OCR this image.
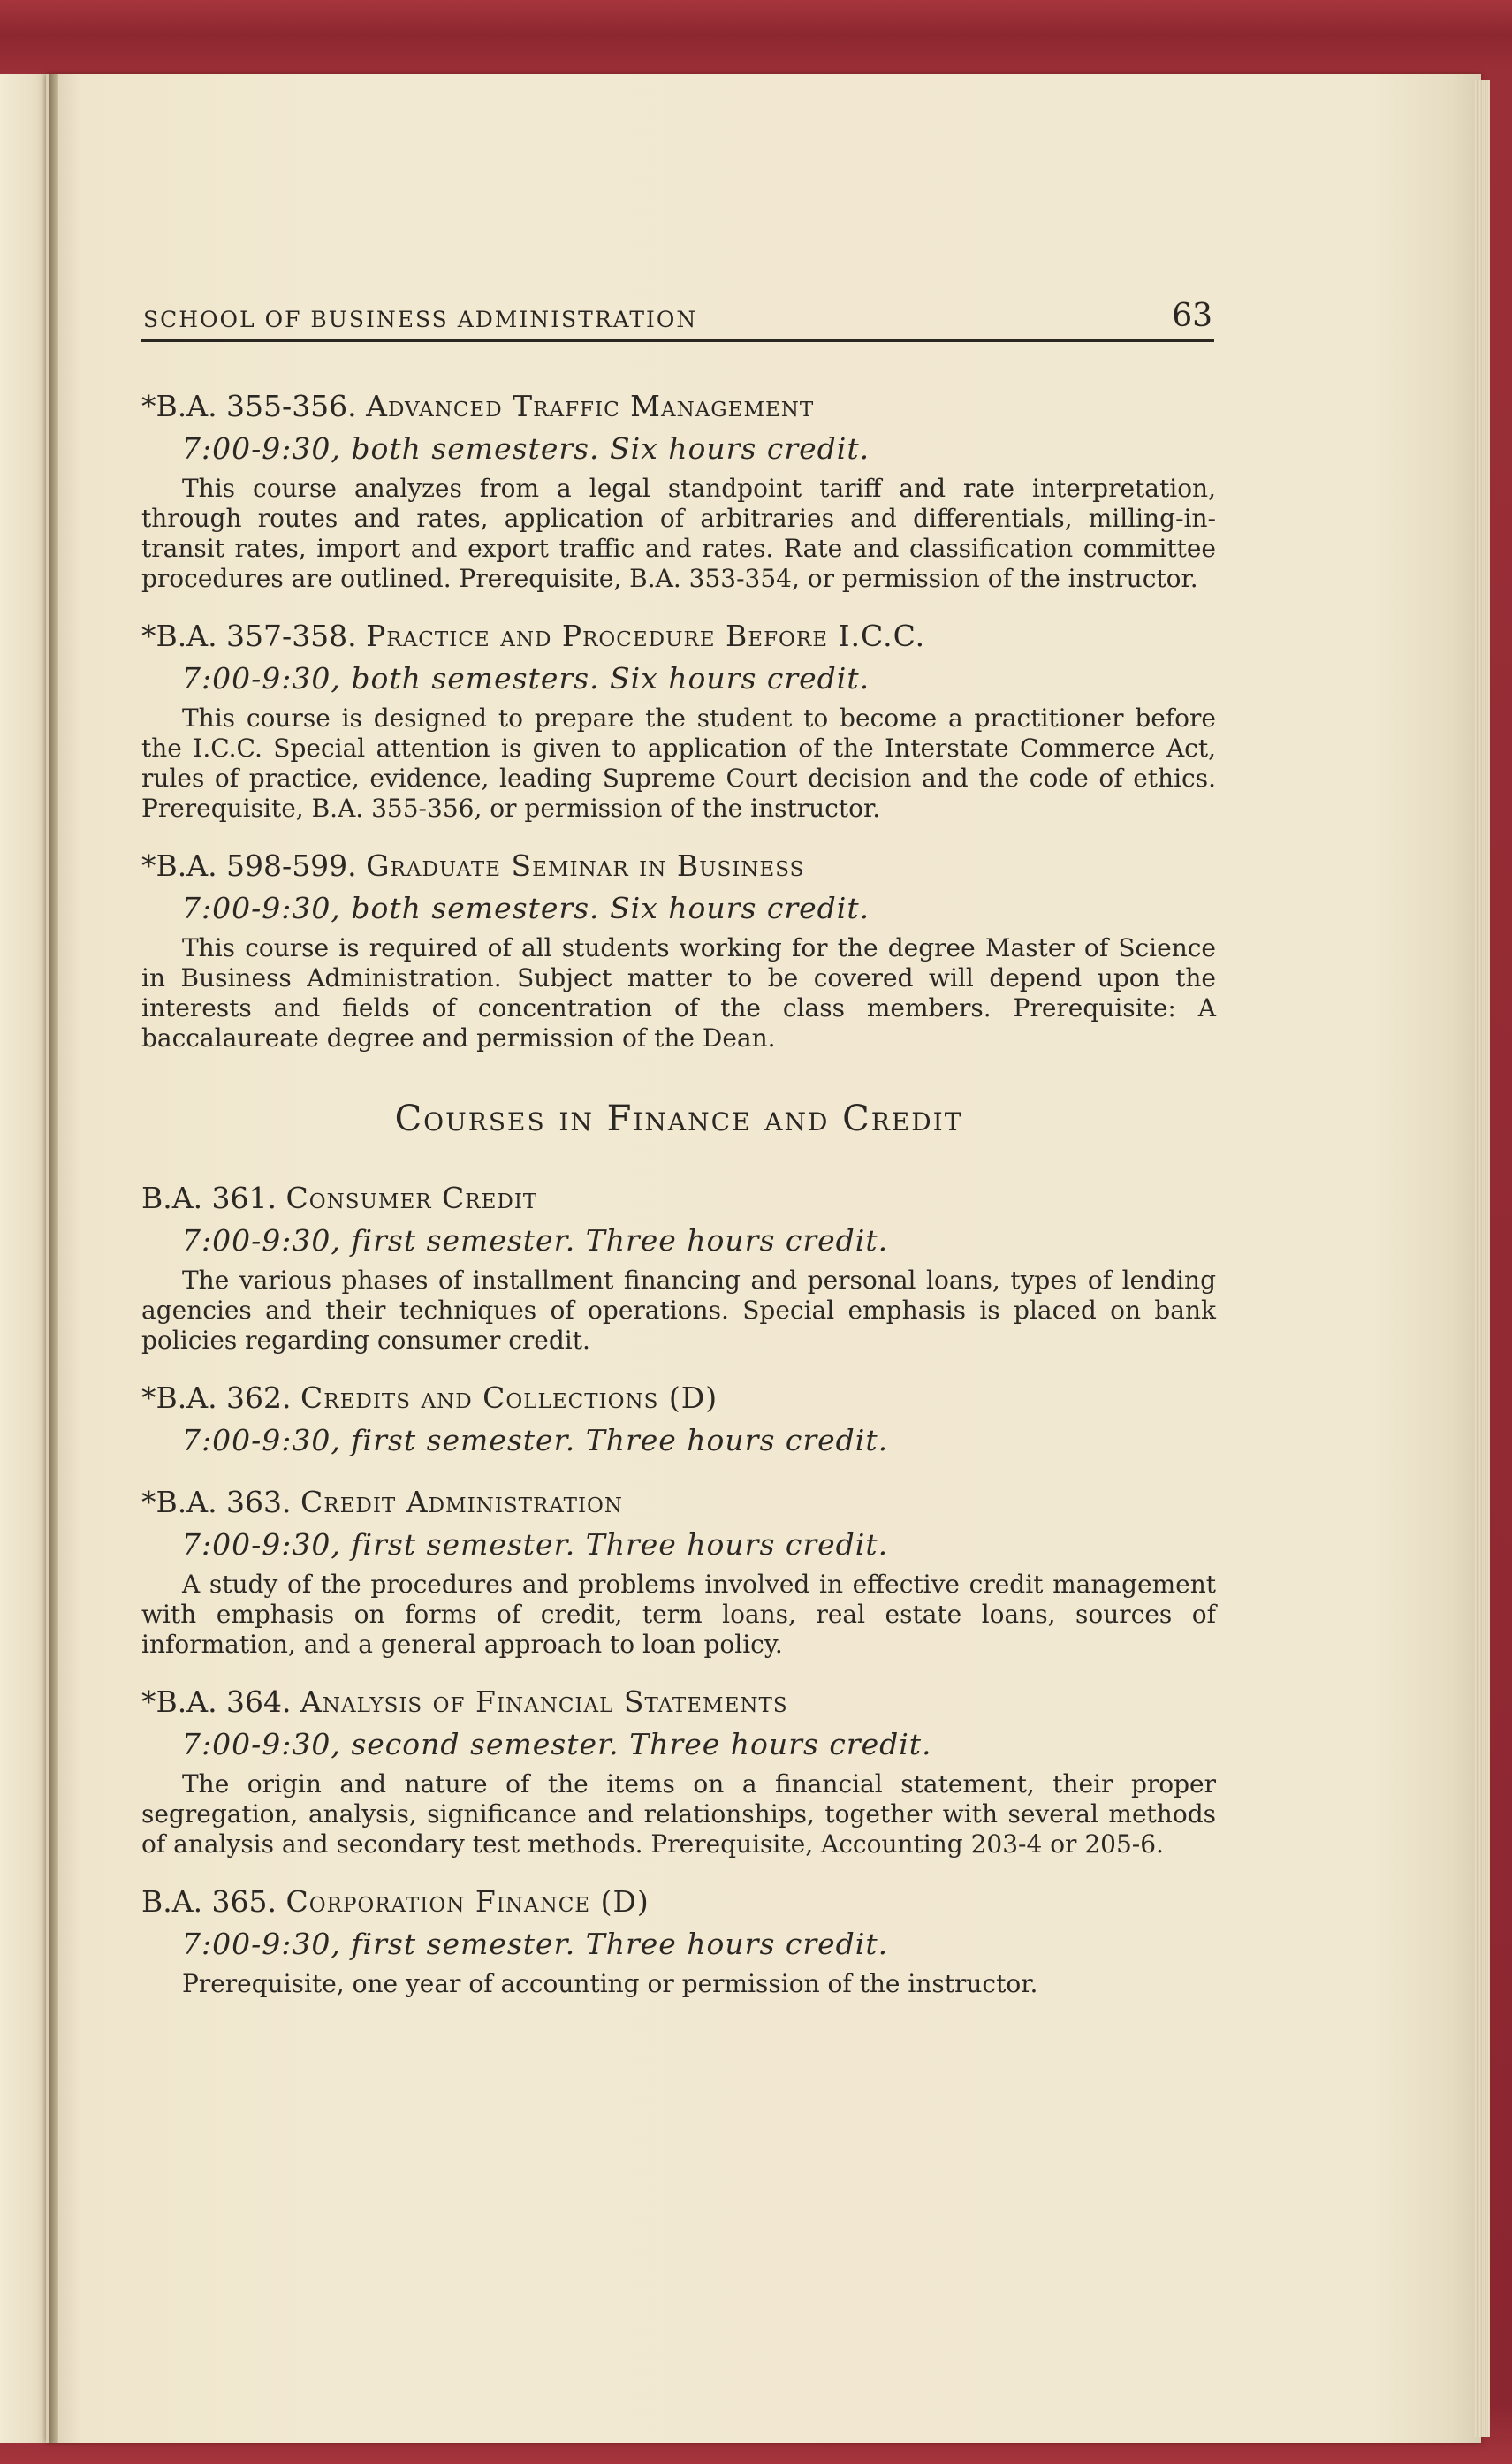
SCHOOL OF BUSINESS ADMINISTRATION	63
*B.A. 355-356. Advanced Traffic Management
7:00-9:30, both semesters. Six hours credit.

This course analyzes from a legal standpoint tariff and rate interpretation, through routes and rates, application of arbitraries and differentials, milling-in-transit rates, import and export traffic and rates. Rate and classification committee procedures are outlined. Prerequisite, B.A. 353-354, or permission of the instructor.

*B.A. 357-358. Practice and Procedure Before I.C.C.
7:00-9:30, both semesters. Six hours credit.

This course is designed to prepare the student to become a practitioner before the I.C.C. Special attention is given to application of the Interstate Commerce Act, rules of practice, evidence, leading Supreme Court decision and the code of ethics. Prerequisite, B.A. 355-356, or permission of the instructor.

*B.A. 598-599. Graduate Seminar in Business
7:00-9:30, both semesters. Six hours credit.

This course is required of all students working for the degree Master of Science in Business Administration. Subject matter to be covered will depend upon the interests and fields of concentration of the class members. Prerequisite: A baccalaureate degree and permission of the Dean.

Courses in Finance and Credit
B.A. 361. Consumer Credit
7:00-9:30, first semester. Three hours credit.

The various phases of installment financing and personal loans, types of lending agencies and their techniques of operations. Special emphasis is placed on bank policies regarding consumer credit.

*B.A. 362. Credits and Collections (D)
7:00-9:30, first semester. Three hours credit.
*B.A. 363. Credit Administration
7:00-9:30, first semester. Three hours credit.

A study of the procedures and problems involved in effective credit management with emphasis on forms of credit, term loans, real estate loans, sources of information, and a general approach to loan policy.

*B.A. 364. Analysis of Financial Statements
7:00-9:30, second semester. Three hours credit.

The origin and nature of the items on a financial statement, their proper segregation, analysis, significance and relationships, together with several methods of analysis and secondary test methods. Prerequisite, Accounting 203-4 or 205-6.

B.A. 365. Corporation Finance (D)
7:00-9:30, first semester. Three hours credit.

Prerequisite, one year of accounting or permission of the instructor.
